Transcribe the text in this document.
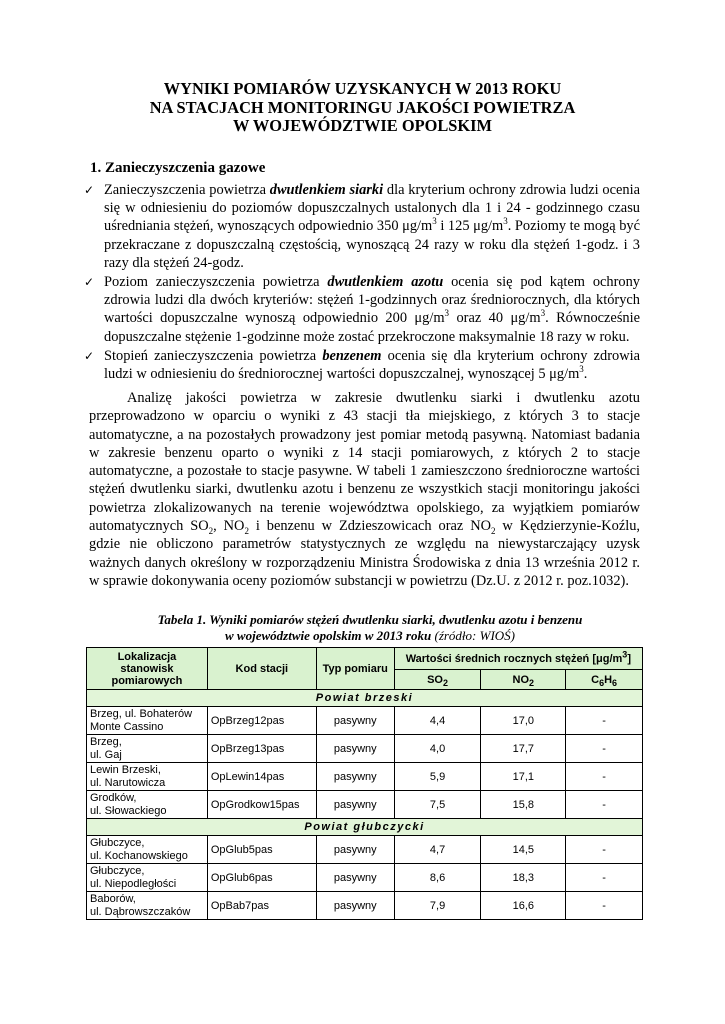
WYNIKI POMIARÓW UZYSKANYCH W 2013 ROKU
NA STACJACH MONITORINGU JAKOŚCI POWIETRZA
W WOJEWÓDZTWIE OPOLSKIM
1. Zanieczyszczenia gazowe
✓ Zanieczyszczenia powietrza dwutlenkiem siarki dla kryterium ochrony zdrowia ludzi ocenia się w odniesieniu do poziomów dopuszczalnych ustalonych dla 1 i 24 - godzinnego czasu uśredniania stężeń, wynoszących odpowiednio 350 $\mu g/m^3$ i 125 $\mu g/m^3$. Poziomy te mogą być przekraczane z dopuszczalną częstością, wynoszącą 24 razy w roku dla stężeń 1-godz. i 3 razy dla stężeń 24-godz.
✓ Poziom zanieczyszczenia powietrza dwutlenkiem azotu ocenia się pod kątem ochrony zdrowia ludzi dla dwóch kryteriów: stężeń 1-godzinnych oraz średniorocznych, dla których wartości dopuszczalne wynoszą odpowiednio 200 $\mu g/m^3$ oraz 40 $\mu g/m^3$. Równocześnie dopuszczalne stężenie 1-godzinne może zostać przekroczone maksymalnie 18 razy w roku.
✓ Stopień zanieczyszczenia powietrza benzenem ocenia się dla kryterium ochrony zdrowia ludzi w odniesieniu do średniorocznej wartości dopuszczalnej, wynoszącej 5 $\mu g/m^3$.

Analizę jakości powietrza w zakresie dwutlenku siarki i dwutlenku azotu przeprowadzono w oparciu o wyniki z 43 stacji tła miejskiego, z których 3 to stacje automatyczne, a na pozostałych prowadzony jest pomiar metodą pasywną. Natomiast badania w zakresie benzenu oparto o wyniki z 14 stacji pomiarowych, z których 2 to stacje automatyczne, a pozostałe to stacje pasywne. W tabeli 1 zamieszczono średnioroczne wartości stężeń dwutlenku siarki, dwutlenku azotu i benzenu ze wszystkich stacji monitoringu jakości powietrza zlokalizowanych na terenie województwa opolskiego, za wyjątkiem pomiarów automatycznych $SO_2$, $NO_2$ i benzenu w Zdzieszowicach oraz $NO_2$ w Kędzierzynie-Koźlu, gdzie nie obliczono parametrów statystycznych ze względu na niewystarczający uzysk ważnych danych określony w rozporządzeniu Ministra Środowiska z dnia 13 września 2012 r. w sprawie dokonywania oceny poziomów substancji w powietrzu (Dz.U. z 2012 r. poz.1032).

Tabela 1. Wyniki pomiarów stężeń dwutlenku siarki, dwutlenku azotu i benzenu
w województwie opolskim w 2013 roku (źródło: WIOŚ)
Lokalizacja stanowisk pomiarowych	Kod stacji	Typ pomiaru	Wartości średnich rocznych stężeń $[\mu g/m^3]$		
			$SO_2$	$NO_2$	$C_6H_6$
Powiat brzeski					

Brzeg, ul. Bohaterów
Monte Cassino	OpBrzeg12pas	pasywny	4,4	17,0	-

Brzeg,
ul. Gaj	OpBrzeg13pas	pasywny	4,0	17,7	-

Lewin Brzeski,
ul. Narutowicza	OpLewin14pas	pasywny	5,9	17,1	-

Grodków,
ul. Słowackiego	OpGrodkow15pas	pasywny	7,5	15,8	-
Powiat głubczycki					

Głubczyce,
ul. Kochanowskiego	OpGlub5pas	pasywny	4,7	14,5	-

Głubczyce,
ul. Niepodległości	OpGlub6pas	pasywny	8,6	18,3	-

Baborów,
ul. Dąbrowszczaków	OpBab7pas	pasywny	7,9	16,6	-
